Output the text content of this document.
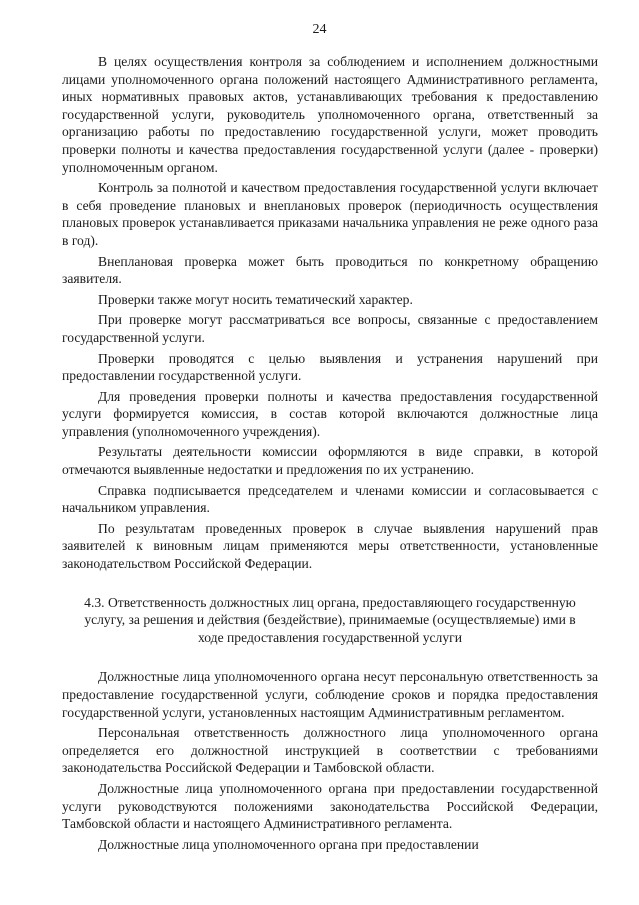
24

В целях осуществления контроля за соблюдением и исполнением должностными лицами уполномоченного органа положений настоящего Административного регламента, иных нормативных правовых актов, устанавливающих требования к предоставлению государственной услуги, руководитель уполномоченного органа, ответственный за организацию работы по предоставлению государственной услуги, может проводить проверки полноты и качества предоставления государственной услуги (далее - проверки) уполномоченным органом.

Контроль за полнотой и качеством предоставления государственной услуги включает в себя проведение плановых и внеплановых проверок (периодичность осуществления плановых проверок устанавливается приказами начальника управления не реже одного раза в год).

Внеплановая проверка может быть проводиться по конкретному обращению заявителя.

Проверки также могут носить тематический характер.

При проверке могут рассматриваться все вопросы, связанные с предоставлением государственной услуги.

Проверки проводятся с целью выявления и устранения нарушений при предоставлении государственной услуги.

Для проведения проверки полноты и качества предоставления государственной услуги формируется комиссия, в состав которой включаются должностные лица управления (уполномоченного учреждения).

Результаты деятельности комиссии оформляются в виде справки, в которой отмечаются выявленные недостатки и предложения по их устранению.

Справка подписывается председателем и членами комиссии и согласовывается с начальником управления.

По результатам проведенных проверок в случае выявления нарушений прав заявителей к виновным лицам применяются меры ответственности, установленные законодательством Российской Федерации.

4.3. Ответственность должностных лиц органа, предоставляющего государственную услугу, за решения и действия (бездействие), принимаемые (осуществляемые) ими в ходе предоставления государственной услуги

Должностные лица уполномоченного органа несут персональную ответственность за предоставление государственной услуги, соблюдение сроков и порядка предоставления государственной услуги, установленных настоящим Административным регламентом.

Персональная ответственность должностного лица уполномоченного органа определяется его должностной инструкцией в соответствии с требованиями законодательства Российской Федерации и Тамбовской области.

Должностные лица уполномоченного органа при предоставлении государственной услуги руководствуются положениями законодательства Российской Федерации, Тамбовской области и настоящего Административного регламента.

Должностные лица уполномоченного органа при предоставлении
